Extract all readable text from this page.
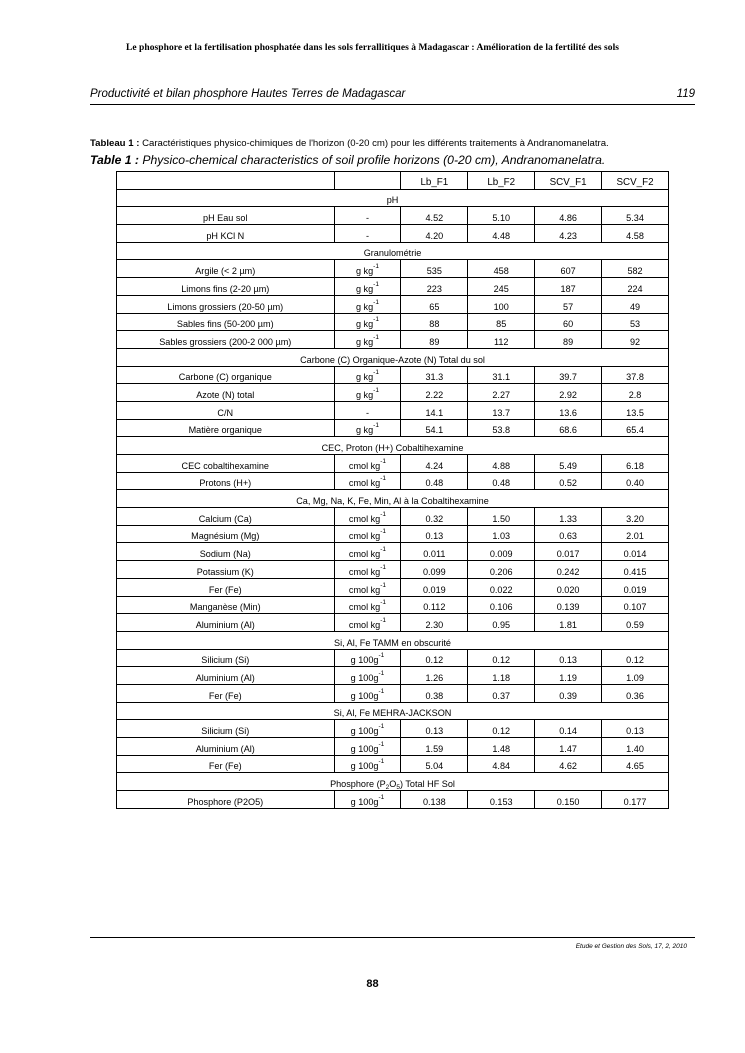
Le phosphore et la fertilisation phosphatée dans les sols ferrallitiques à Madagascar : Amélioration de la fertilité des sols
Productivité et bilan phosphore Hautes Terres de Madagascar	119
Tableau 1 : Caractéristiques physico-chimiques de l'horizon (0-20 cm) pour les différents traitements à Andranomanelatra.
Table 1 : Physico-chemical characteristics of soil profile horizons (0-20 cm), Andranomanelatra.
		Lb_F1	Lb_F2	SCV_F1	SCV_F2
pH					
pH Eau sol	-	4.52	5.10	4.86	5.34
pH KCl N	-	4.20	4.48	4.23	4.58
Granulométrie					
Argile (< 2 µm)	g $kg^{-1}$	535	458	607	582
Limons fins (2-20 µm)	g $kg^{-1}$	223	245	187	224
Limons grossiers (20-50 µm)	g $kg^{-1}$	65	100	57	49
Sables fins (50-200 µm)	g $kg^{-1}$	88	85	60	53
Sables grossiers (200-2 000 µm)	g $kg^{-1}$	89	112	89	92
Carbone (C) Organique-Azote (N) Total du sol					
Carbone (C) organique	g $kg^{-1}$	31.3	31.1	39.7	37.8
Azote (N) total	g $kg^{-1}$	2.22	2.27	2.92	2.8
C/N	-	14.1	13.7	13.6	13.5
Matière organique	g $kg^{-1}$	54.1	53.8	68.6	65.4
CEC, Proton (H+) Cobaltihexamine					
CEC cobaltihexamine	cmol $kg^{-1}$	4.24	4.88	5.49	6.18
Protons (H+)	cmol $kg^{-1}$	0.48	0.48	0.52	0.40
Ca, Mg, Na, K, Fe, Min, Al à la Cobaltihexamine					
Calcium (Ca)	cmol $kg^{-1}$	0.32	1.50	1.33	3.20
Magnésium (Mg)	cmol $kg^{-1}$	0.13	1.03	0.63	2.01
Sodium (Na)	cmol $kg^{-1}$	0.011	0.009	0.017	0.014
Potassium (K)	cmol $kg^{-1}$	0.099	0.206	0.242	0.415
Fer (Fe)	cmol $kg^{-1}$	0.019	0.022	0.020	0.019
Manganèse (Min)	cmol $kg^{-1}$	0.112	0.106	0.139	0.107
Aluminium (Al)	cmol $kg^{-1}$	2.30	0.95	1.81	0.59
Si, Al, Fe TAMM en obscurité					
Silicium (Si)	g $100g^{-1}$	0.12	0.12	0.13	0.12
Aluminium (Al)	g $100g^{-1}$	1.26	1.18	1.19	1.09
Fer (Fe)	g $100g^{-1}$	0.38	0.37	0.39	0.36
Si, Al, Fe MEHRA-JACKSON					
Silicium (Si)	g $100g^{-1}$	0.13	0.12	0.14	0.13
Aluminium (Al)	g $100g^{-1}$	1.59	1.48	1.47	1.40
Fer (Fe)	g $100g^{-1}$	5.04	4.84	4.62	4.65
Phosphore $(P_2O_5)$ Total HF Sol					
Phosphore (P2O5)	g $100g^{-1}$	0.138	0.153	0.150	0.177
Etude et Gestion des Sols, 17, 2, 2010
88
